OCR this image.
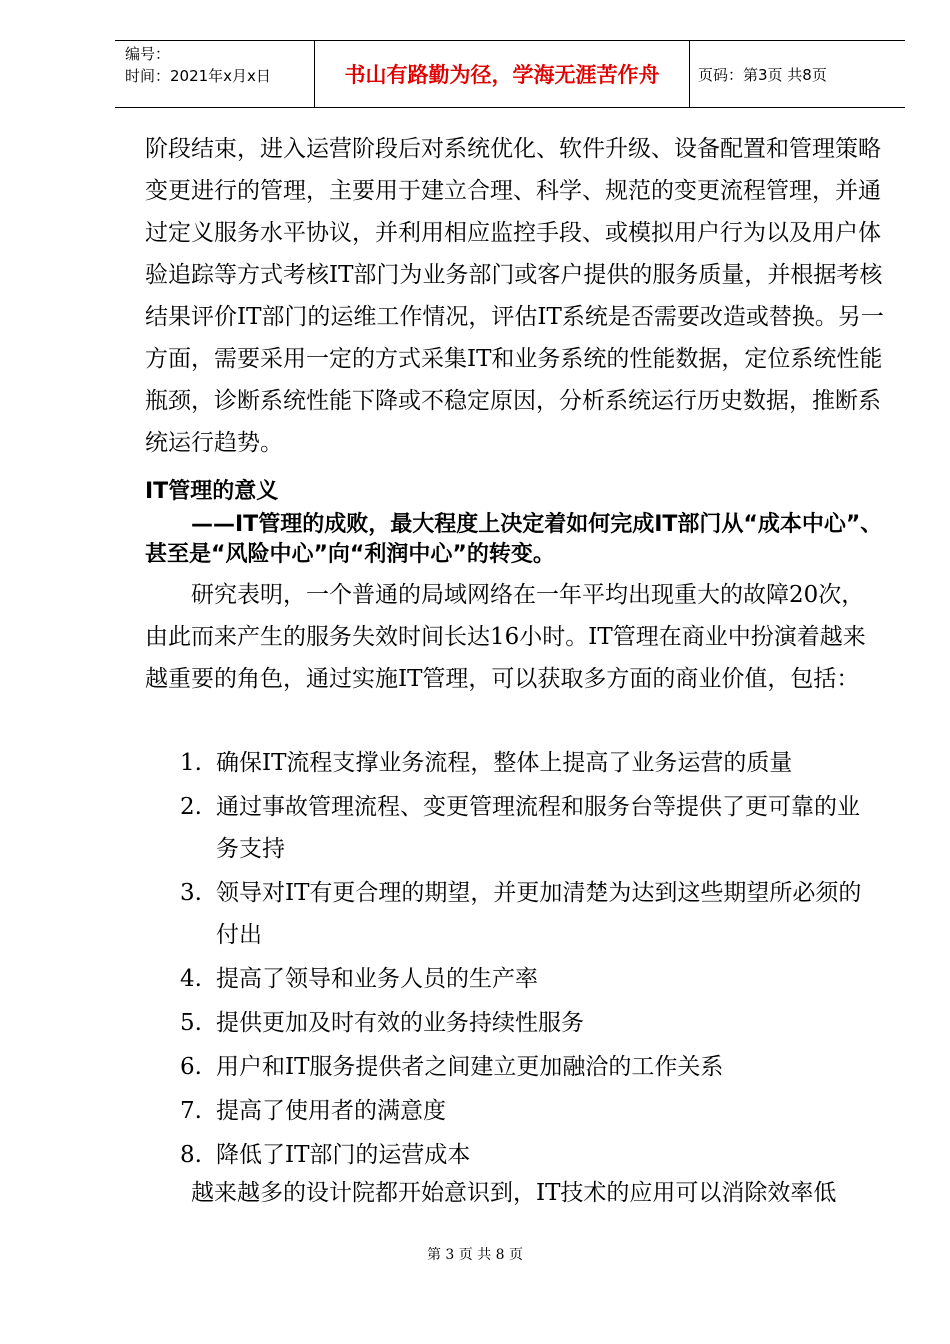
编号：
时间：2021年x月x日	书山有路勤为径，学海无涯苦作舟	页码：第3页 共8页

阶段结束，进入运营阶段后对系统优化、软件升级、设备配置和管理策略变更进行的管理，主要用于建立合理、科学、规范的变更流程管理，并通过定义服务水平协议，并利用相应监控手段、或模拟用户行为以及用户体验追踪等方式考核IT部门为业务部门或客户提供的服务质量，并根据考核结果评价IT部门的运维工作情况，评估IT系统是否需要改造或替换。另一方面，需要采用一定的方式采集IT和业务系统的性能数据，定位系统性能瓶颈，诊断系统性能下降或不稳定原因，分析系统运行历史数据，推断系统运行趋势。

IT管理的意义
——IT管理的成败，最大程度上决定着如何完成IT部门从“成本中心”、甚至是“风险中心”向“利润中心”的转变。

研究表明，一个普通的局域网络在一年平均出现重大的故障20次，由此而来产生的服务失效时间长达16小时。IT管理在商业中扮演着越来越重要的角色，通过实施IT管理，可以获取多方面的商业价值，包括：

1. 确保IT流程支撑业务流程，整体上提高了业务运营的质量
2. 通过事故管理流程、变更管理流程和服务台等提供了更可靠的业务支持
3. 领导对IT有更合理的期望，并更加清楚为达到这些期望所必须的付出
4. 提高了领导和业务人员的生产率
5. 提供更加及时有效的业务持续性服务
6. 用户和IT服务提供者之间建立更加融洽的工作关系
7. 提高了使用者的满意度
8. 降低了IT部门的运营成本

越来越多的设计院都开始意识到，IT技术的应用可以消除效率低

第 3 页 共 8 页
